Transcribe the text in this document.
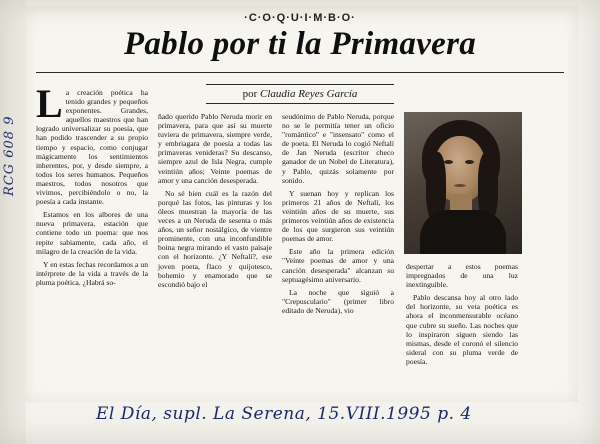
·C·O·Q·U·I·M·B·O·
Pablo por ti la Primavera
por Claudia Reyes García

La creación poética ha tenido grandes y pequeños exponentes. Grandes, aquellos maestros que han logrado universalizar su poesía, que han podido trascender a su propio tiempo y espacio, como conjugar mágicamente los sentimientos inherentes, por, y desde siempre, a todos los seres humanos. Pequeños maestros, todos nosotros que vivimos, percibiéndolo o no, la poesía a cada instante.

Estamos en los albores de una nueva primavera, estación que contiene todo un poema: que nos repite sabiamente, cada año, el milagro de la creación de la vida.

Y en estas fechas recordamos a un intérprete de la vida a través de la pluma poética. ¿Habrá so-

ñado querido Pablo Neruda morir en primavera, para que así su muerte tuviera de primavera, siempre verde, y embriagara de poesía a todas las primaveras venideras? Su descanso, siempre azul de Isla Negra, cumple veintiún años; Veinte poemas de amor y una canción desesperada.

No sé bien cuál es la razón del porqué las fotos, las pinturas y los óleos muestran la mayoría de las veces a un Neruda de sesenta o más años, un señor nostálgico, de vientre prominente, con una inconfundible boina negra mirando el vasto paisaje con el horizonte. ¿Y Neftalí?, ese joven poeta, flaco y quijotesco, bohemio y enamorado que se escondió bajo el

seudónimo de Pablo Neruda, porque no se le permitía tener un oficio "romántico" e "insensato" como el de poeta. El Neruda lo cogió Neftalí de Jan Neruda (escritor checo ganador de un Nobel de Literatura), y Pablo, quizás solamente por sonido.

Y suenan hoy y replican los primeros 21 años de Neftalí, los veintiún años de su muerte, sus primeros veintiún años de existencia de los que surgieron sus veintiún poemas de amor.

Este año la primera edición "Veinte poemas de amor y una canción desesperada" alcanzan su septuagésimo aniversario.

La noche que siguió a "Crepusculario" (primer libro editado de Neruda), vio

despertar a estos poemas impregnados de una luz inextinguible.

Pablo descansa hoy al otro lado del horizonte, su veta poética es ahora el inconmensurable océano que cubre su sueño. Las noches que lo inspiraron siguen siendo las mismas, desde el coronó el silencio sideral con su pluma verde de poesía.

RCG 608 9
El Día, supl. La Serena, 15.VIII.1995 p. 4
